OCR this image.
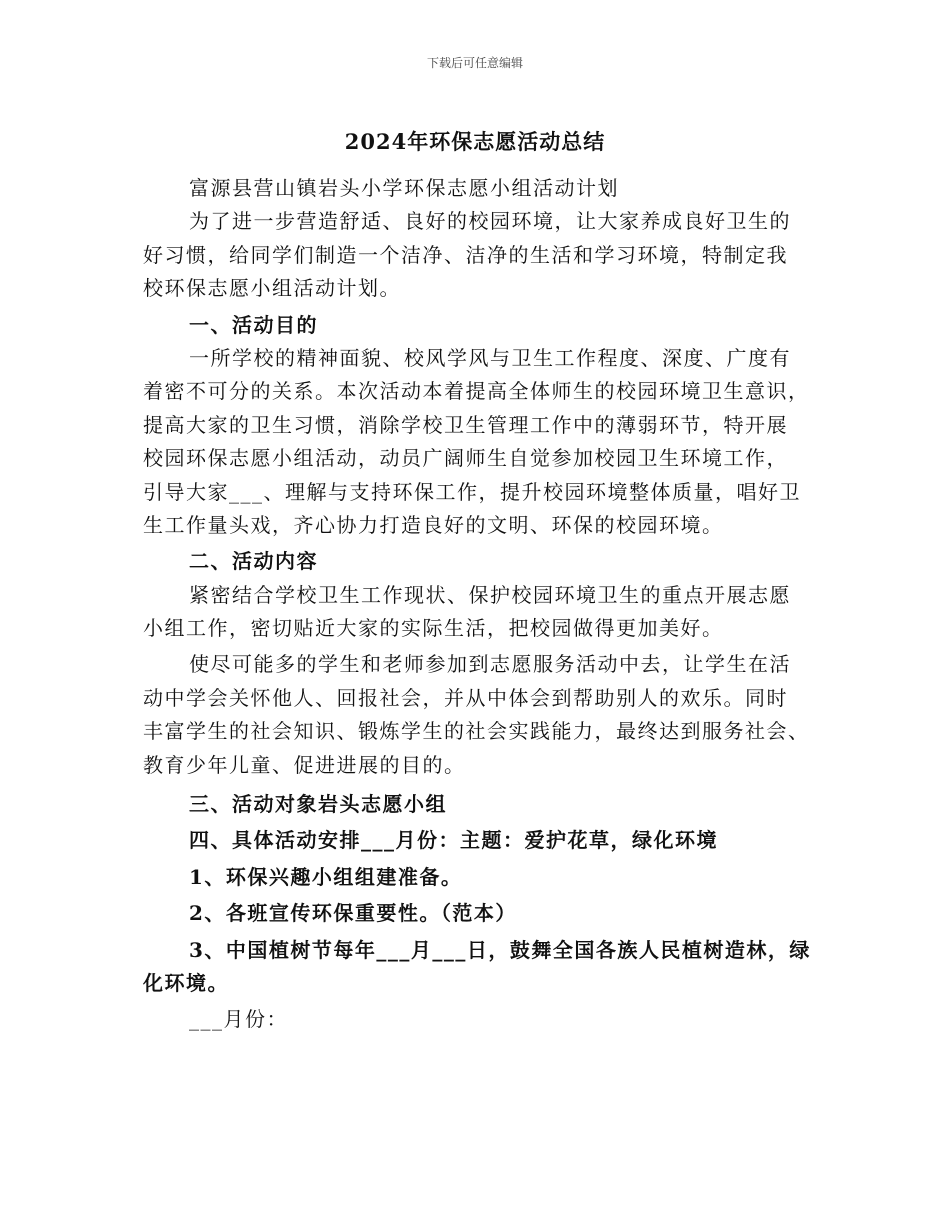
下载后可任意编辑
2024年环保志愿活动总结
富源县营山镇岩头小学环保志愿小组活动计划
为了进一步营造舒适、良好的校园环境，让大家养成良好卫生的
好习惯，给同学们制造一个洁净、洁净的生活和学习环境，特制定我
校环保志愿小组活动计划。
一、活动目的
一所学校的精神面貌、校风学风与卫生工作程度、深度、广度有
着密不可分的关系。本次活动本着提高全体师生的校园环境卫生意识，
提高大家的卫生习惯，消除学校卫生管理工作中的薄弱环节，特开展
校园环保志愿小组活动，动员广阔师生自觉参加校园卫生环境工作，
引导大家___、理解与支持环保工作，提升校园环境整体质量，唱好卫
生工作量头戏，齐心协力打造良好的文明、环保的校园环境。
二、活动内容
紧密结合学校卫生工作现状、保护校园环境卫生的重点开展志愿
小组工作，密切贴近大家的实际生活，把校园做得更加美好。
使尽可能多的学生和老师参加到志愿服务活动中去，让学生在活
动中学会关怀他人、回报社会，并从中体会到帮助别人的欢乐。同时
丰富学生的社会知识、锻炼学生的社会实践能力，最终达到服务社会、
教育少年儿童、促进进展的目的。
三、活动对象岩头志愿小组
四、具体活动安排___月份：主题：爱护花草，绿化环境
1、环保兴趣小组组建准备。
2、各班宣传环保重要性。（范本）
3、中国植树节每年___月___日，鼓舞全国各族人民植树造林，绿
化环境。
___月份：
